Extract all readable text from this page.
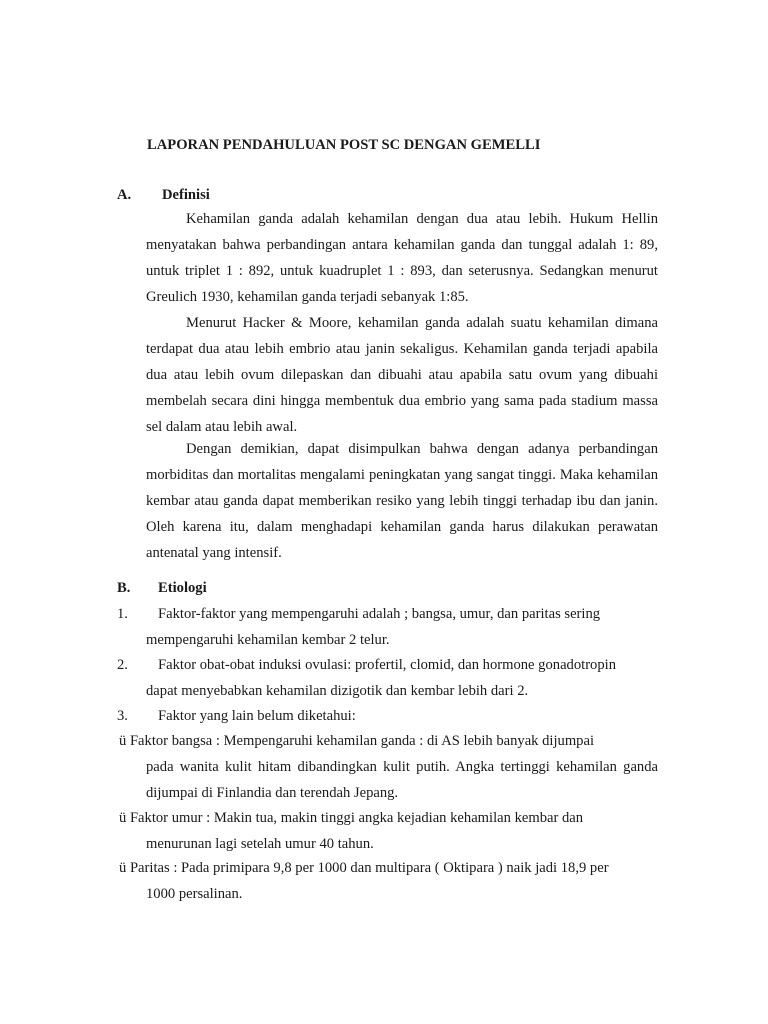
LAPORAN PENDAHULUAN POST SC DENGAN GEMELLI
A. Definisi

Kehamilan ganda adalah kehamilan dengan dua atau lebih. Hukum Hellin menyatakan bahwa perbandingan antara kehamilan ganda dan tunggal adalah 1: 89, untuk triplet 1 : 892, untuk kuadruplet 1 : 893, dan seterusnya. Sedangkan menurut Greulich 1930, kehamilan ganda terjadi sebanyak 1:85.

Menurut Hacker & Moore, kehamilan ganda adalah suatu kehamilan dimana terdapat dua atau lebih embrio atau janin sekaligus. Kehamilan ganda terjadi apabila dua atau lebih ovum dilepaskan dan dibuahi atau apabila satu ovum yang dibuahi membelah secara dini hingga membentuk dua embrio yang sama pada stadium massa sel dalam atau lebih awal.

Dengan demikian, dapat disimpulkan bahwa dengan adanya perbandingan morbiditas dan mortalitas mengalami peningkatan yang sangat tinggi. Maka kehamilan kembar atau ganda dapat memberikan resiko yang lebih tinggi terhadap ibu dan janin. Oleh karena itu, dalam menghadapi kehamilan ganda harus dilakukan perawatan antenatal yang intensif.

B. Etiologi
1.	Faktor-faktor yang mempengaruhi adalah ; bangsa, umur, dan paritas sering
mempengaruhi kehamilan kembar 2 telur.
2.	Faktor obat-obat induksi ovulasi: profertil, clomid, dan hormone gonadotropin
dapat menyebabkan kehamilan dizigotik dan kembar lebih dari 2.
3.	Faktor yang lain belum diketahui:
ü Faktor bangsa : Mempengaruhi kehamilan ganda : di AS lebih banyak dijumpai
pada wanita kulit hitam dibandingkan kulit putih. Angka tertinggi kehamilan ganda dijumpai di Finlandia dan terendah Jepang.
ü Faktor umur : Makin tua, makin tinggi angka kejadian kehamilan kembar dan
menurunan lagi setelah umur 40 tahun.
ü Paritas : Pada primipara 9,8 per 1000 dan multipara ( Oktipara ) naik jadi 18,9 per
1000 persalinan.
